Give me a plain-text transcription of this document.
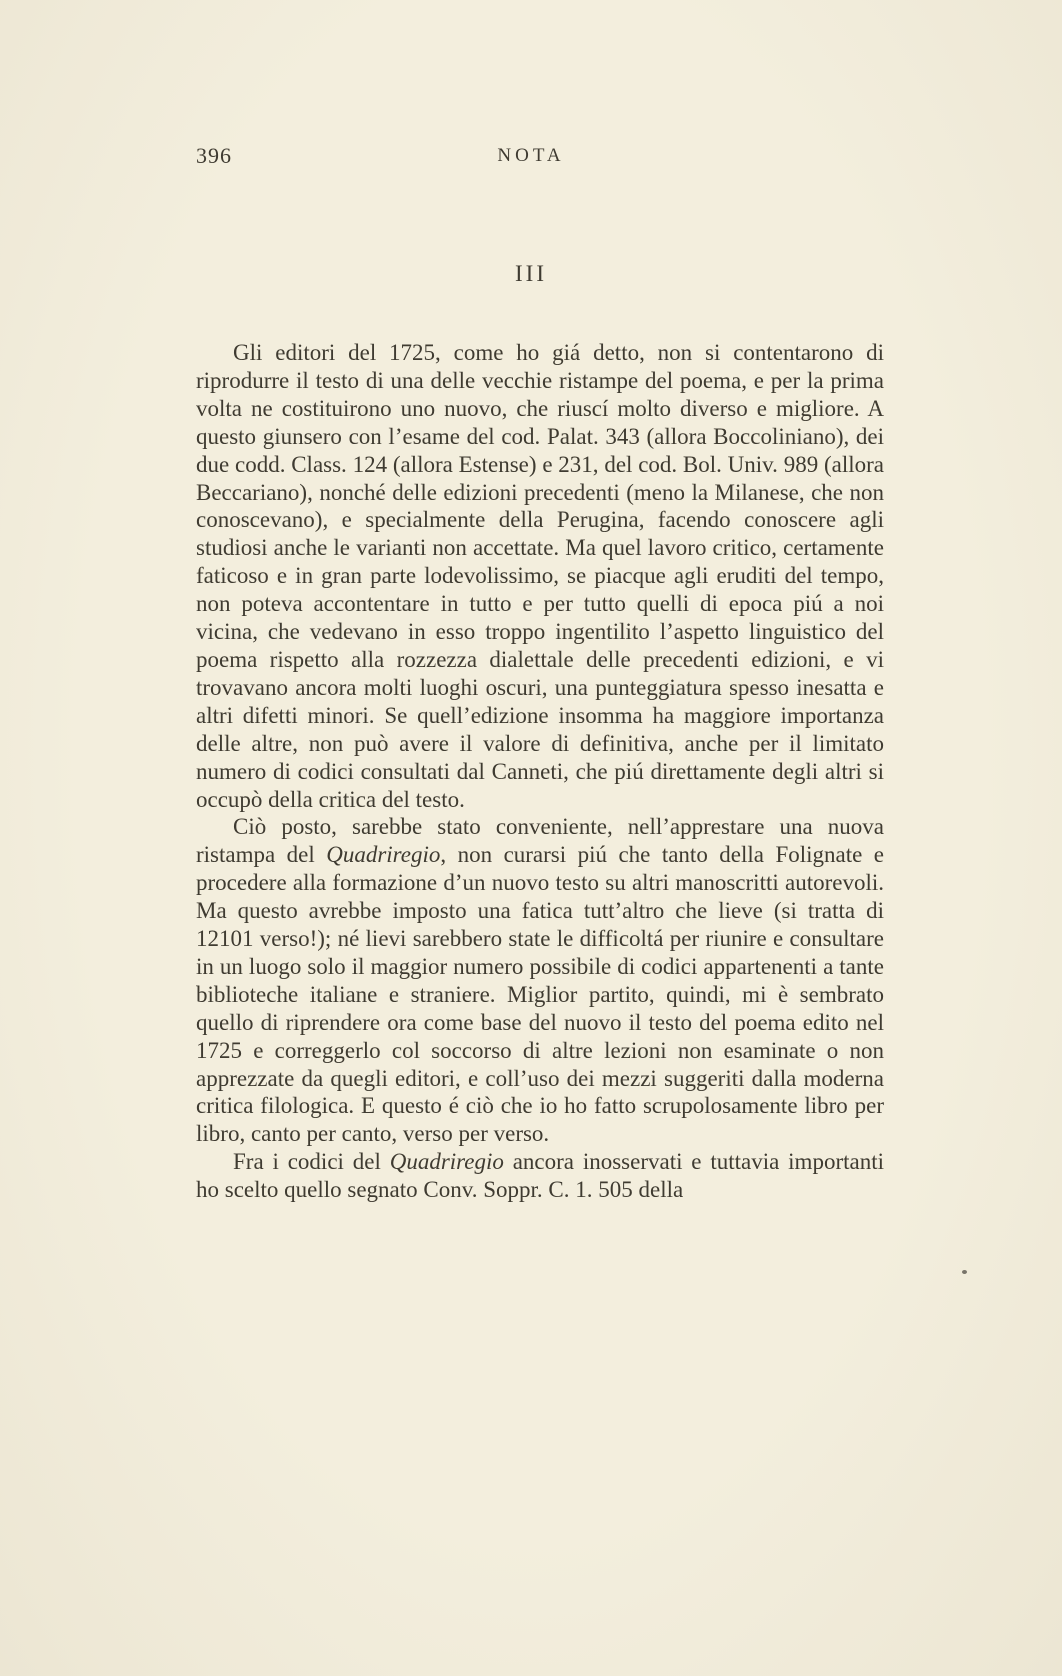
396	NOTA
III

Gli editori del 1725, come ho giá detto, non si contentarono di riprodurre il testo di una delle vecchie ristampe del poema, e per la prima volta ne costituirono uno nuovo, che riuscí molto diverso e migliore. A questo giunsero con l’esame del cod. Palat. 343 (allora Boccoliniano), dei due codd. Class. 124 (allora Estense) e 231, del cod. Bol. Univ. 989 (allora Beccariano), nonché delle edizioni precedenti (meno la Milanese, che non conoscevano), e specialmente della Perugina, facendo conoscere agli studiosi anche le varianti non accettate. Ma quel lavoro critico, certamente faticoso e in gran parte lodevolissimo, se piacque agli eruditi del tempo, non poteva accontentare in tutto e per tutto quelli di epoca piú a noi vicina, che vedevano in esso troppo ingentilito l’aspetto linguistico del poema rispetto alla rozzezza dialettale delle precedenti edizioni, e vi trovavano ancora molti luoghi oscuri, una punteggiatura spesso inesatta e altri difetti minori. Se quell’edizione insomma ha maggiore importanza delle altre, non può avere il valore di definitiva, anche per il limitato numero di codici consultati dal Canneti, che piú direttamente degli altri si occupò della critica del testo.

Ciò posto, sarebbe stato conveniente, nell’apprestare una nuova ristampa del Quadriregio, non curarsi piú che tanto della Folignate e procedere alla formazione d’un nuovo testo su altri manoscritti autorevoli. Ma questo avrebbe imposto una fatica tutt’altro che lieve (si tratta di 12101 verso!); né lievi sarebbero state le difficoltá per riunire e consultare in un luogo solo il maggior numero possibile di codici appartenenti a tante biblioteche italiane e straniere. Miglior partito, quindi, mi è sembrato quello di riprendere ora come base del nuovo il testo del poema edito nel 1725 e correggerlo col soccorso di altre lezioni non esaminate o non apprezzate da quegli editori, e coll’uso dei mezzi suggeriti dalla moderna critica filologica. E questo é ciò che io ho fatto scrupolosamente libro per libro, canto per canto, verso per verso.

Fra i codici del Quadriregio ancora inosservati e tuttavia importanti ho scelto quello segnato Conv. Soppr. C. 1. 505 della
